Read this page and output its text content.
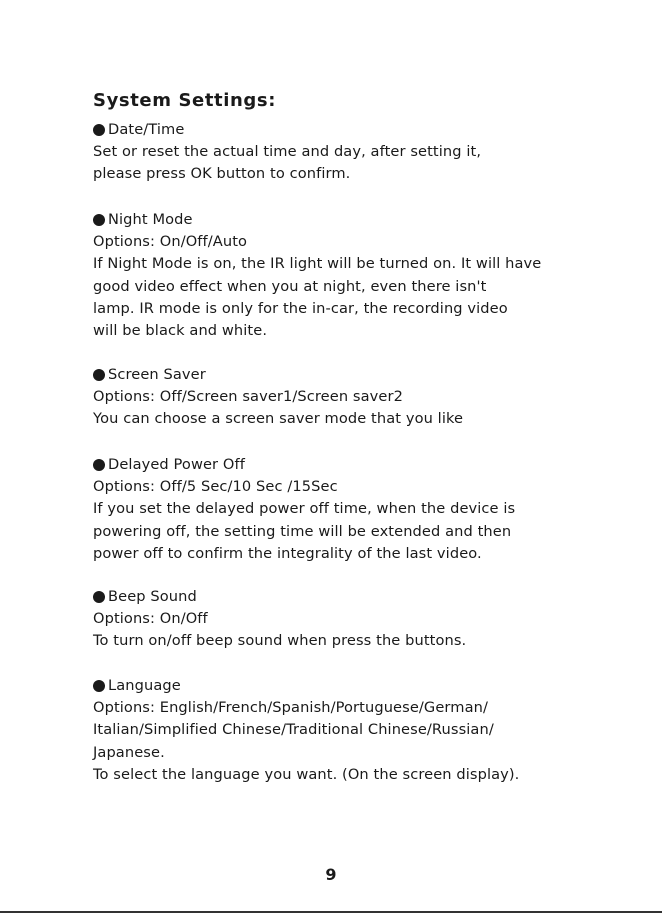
System Settings:
Date/Time
Set or reset the actual time and day, after setting it,
please press OK button to confirm.
Night Mode
Options: On/Off/Auto
If Night Mode is on, the IR light will be turned on. It will have
good video effect when you at night, even there isn't
lamp. IR mode is only for the in-car, the recording video
will be black and white.
Screen Saver
Options: Off/Screen saver1/Screen saver2
You can choose a screen saver mode that you like
Delayed Power Off
Options: Off/5 Sec/10 Sec /15Sec
If you set the delayed power off time, when the device is
powering off, the setting time will be extended and then
power off to confirm the integrality of the last video.
Beep Sound
Options: On/Off
To turn on/off beep sound when press the buttons.
Language
Options: English/French/Spanish/Portuguese/German/
Italian/Simplified Chinese/Traditional Chinese/Russian/
Japanese.
To select the language you want. (On the screen display).
9
